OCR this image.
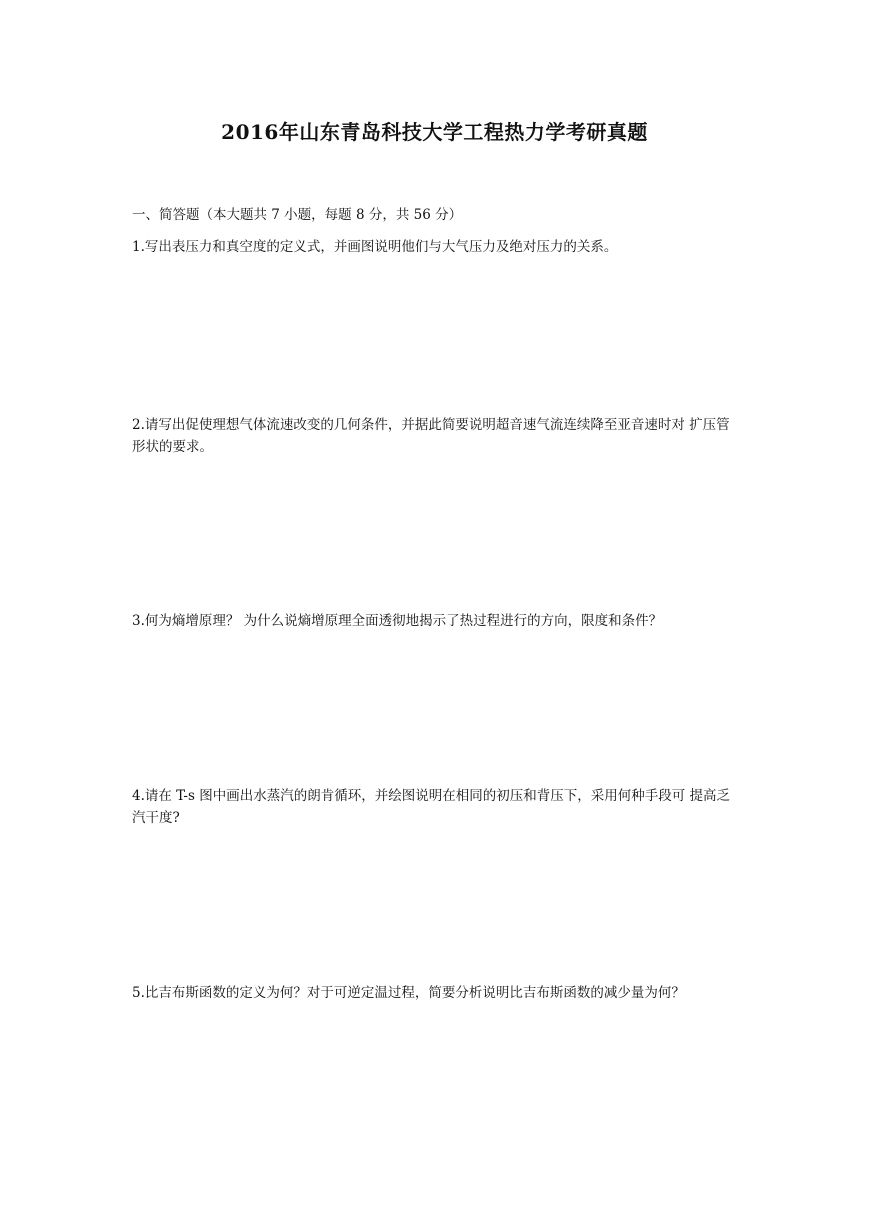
2016年山东青岛科技大学工程热力学考研真题
一、简答题（本大题共 7 小题，每题 8 分，共 56 分）
1.写出表压力和真空度的定义式，并画图说明他们与大气压力及绝对压力的关系。
2.请写出促使理想气体流速改变的几何条件，并据此简要说明超音速气流连续降至亚音速时对 扩压管形状的要求。
3.何为熵增原理？ 为什么说熵增原理全面透彻地揭示了热过程进行的方向，限度和条件？
4.请在 T-s 图中画出水蒸汽的朗肯循环，并绘图说明在相同的初压和背压下，采用何种手段可 提高乏汽干度?
5.比吉布斯函数的定义为何？对于可逆定温过程，简要分析说明比吉布斯函数的减少量为何？
